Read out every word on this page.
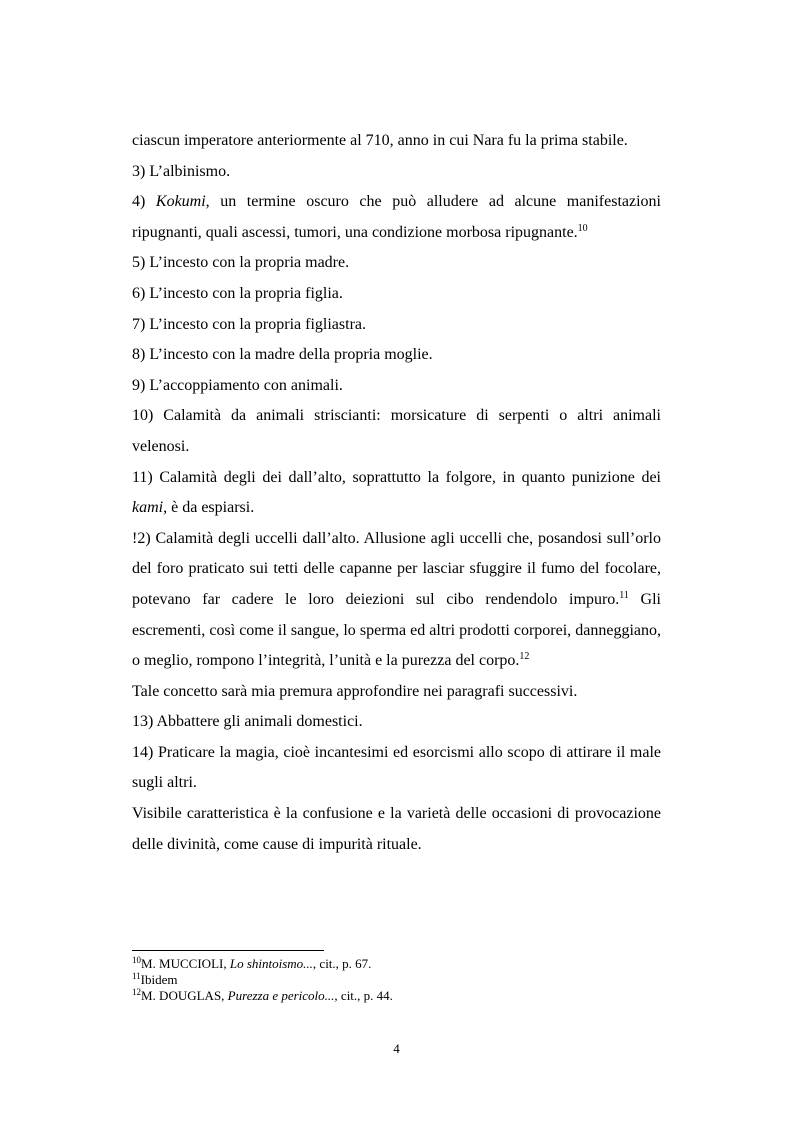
ciascun imperatore anteriormente al 710, anno in cui Nara fu la prima stabile.

3) L’albinismo.

4) Kokumi, un termine oscuro che può alludere ad alcune manifestazioni ripugnanti, quali ascessi, tumori, una condizione morbosa ripugnante.$^{10}$

5) L’incesto con la propria madre.

6) L’incesto con la propria figlia.

7) L’incesto con la propria figliastra.

8) L’incesto con la madre della propria moglie.

9) L’accoppiamento con animali.

10) Calamità da animali striscianti: morsicature di serpenti o altri animali velenosi.

11) Calamità degli dei dall’alto, soprattutto la folgore, in quanto punizione dei kami, è da espiarsi.

!2) Calamità degli uccelli dall’alto. Allusione agli uccelli che, posandosi sull’orlo del foro praticato sui tetti delle capanne per lasciar sfuggire il fumo del focolare, potevano far cadere le loro deiezioni sul cibo rendendolo impuro.$^{11}$ Gli escrementi, così come il sangue, lo sperma ed altri prodotti corporei, danneggiano, o meglio, rompono l’integrità, l’unità e la purezza del corpo.$^{12}$

Tale concetto sarà mia premura approfondire nei paragrafi successivi.

13) Abbattere gli animali domestici.

14) Praticare la magia, cioè incantesimi ed esorcismi allo scopo di attirare il male sugli altri.

Visibile caratteristica è la confusione e la varietà delle occasioni di provocazione delle divinità, come cause di impurità rituale.

$^{10}$M. MUCCIOLI, Lo shintoismo..., cit., p. 67.

$^{11}$Ibidem

$^{12}$M. DOUGLAS, Purezza e pericolo..., cit., p. 44.

4
